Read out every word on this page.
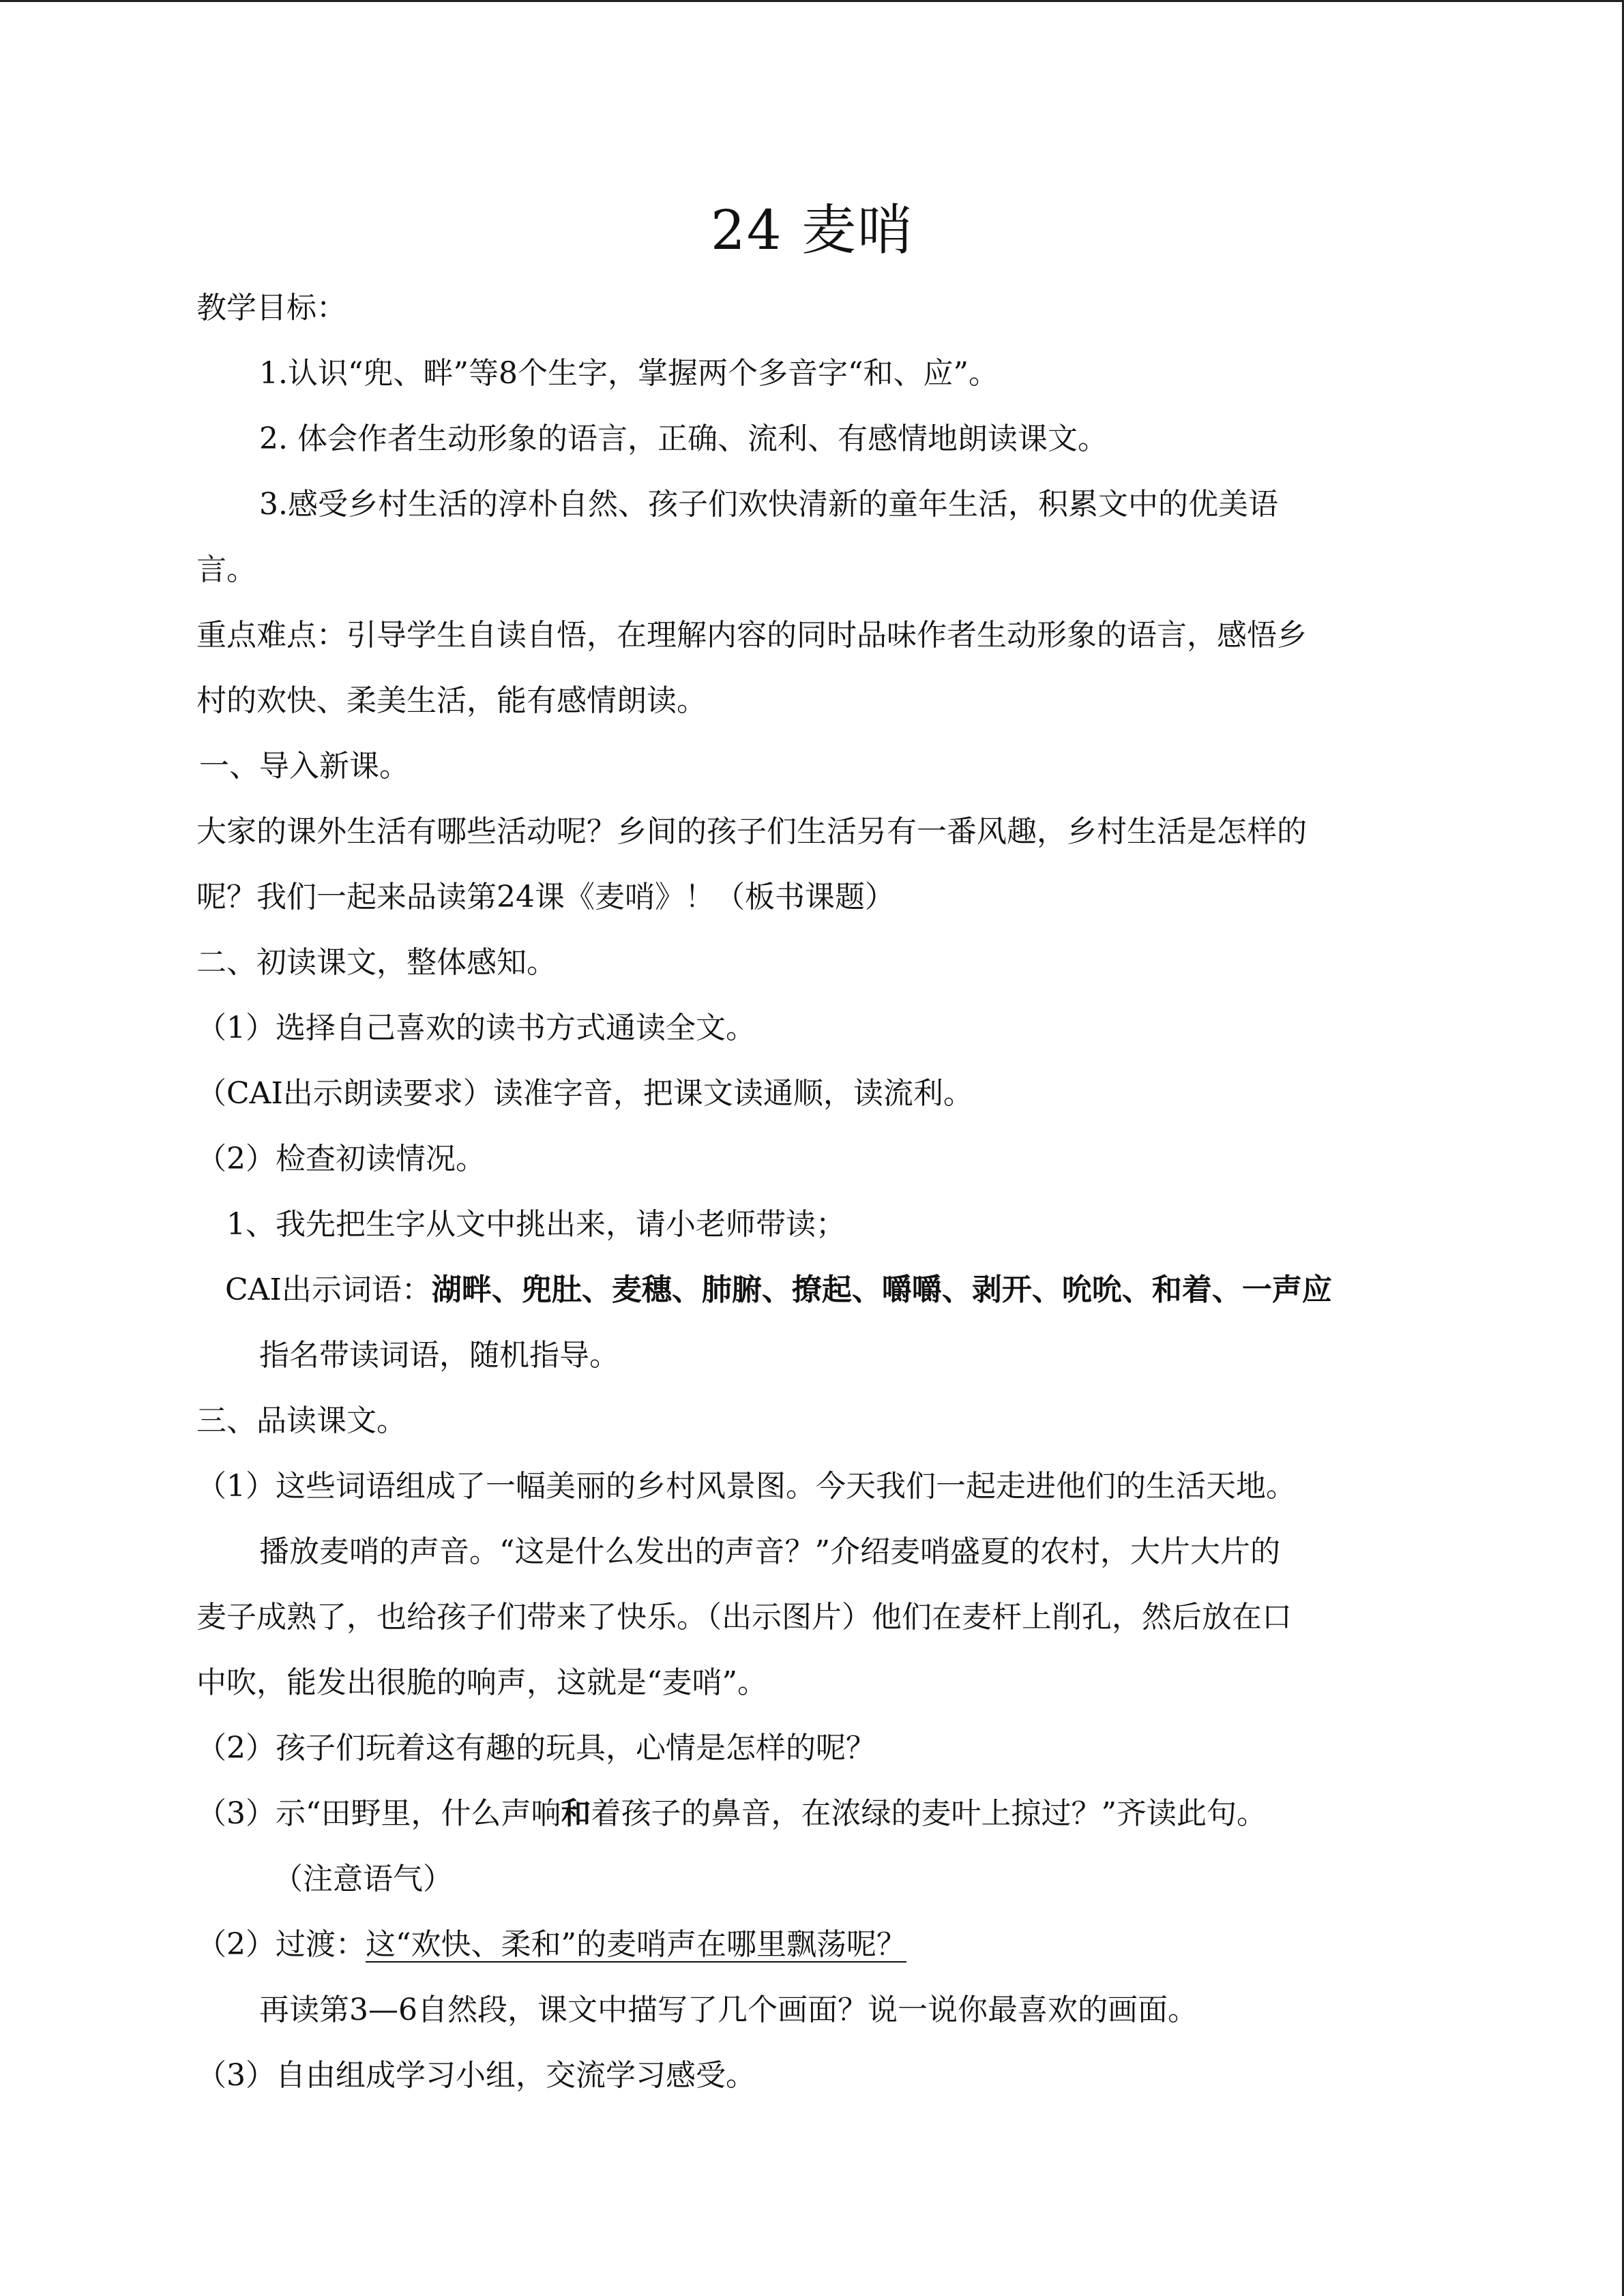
24 麦哨
教学目标：
1.认识“兜、畔”等8个生字，掌握两个多音字“和、应”。
2. 体会作者生动形象的语言，正确、流利、有感情地朗读课文。
3.感受乡村生活的淳朴自然、孩子们欢快清新的童年生活，积累文中的优美语
言。
重点难点：引导学生自读自悟，在理解内容的同时品味作者生动形象的语言，感悟乡
村的欢快、柔美生活，能有感情朗读。
一、导入新课。
大家的课外生活有哪些活动呢？乡间的孩子们生活另有一番风趣，乡村生活是怎样的
呢？我们一起来品读第24课《麦哨》！（板书课题）
二、初读课文，整体感知。
（1）选择自己喜欢的读书方式通读全文。
（CAI出示朗读要求）读准字音，把课文读通顺，读流利。
（2）检查初读情况。
1、我先把生字从文中挑出来，请小老师带读；
CAI出示词语：湖畔、兜肚、麦穗、肺腑、撩起、嚼嚼、剥开、吮吮、和着、一声应
指名带读词语，随机指导。
三、品读课文。
（1）这些词语组成了一幅美丽的乡村风景图。今天我们一起走进他们的生活天地。
播放麦哨的声音。“这是什么发出的声音？”介绍麦哨盛夏的农村，大片大片的
麦子成熟了，也给孩子们带来了快乐。（出示图片）他们在麦杆上削孔，然后放在口
中吹，能发出很脆的响声，这就是“麦哨”。
（2）孩子们玩着这有趣的玩具，心情是怎样的呢？
（3）示“田野里，什么声响和着孩子的鼻音，在浓绿的麦叶上掠过？”齐读此句。
（注意语气）
（2）过渡：这“欢快、柔和”的麦哨声在哪里飘荡呢？
再读第3—6自然段，课文中描写了几个画面？说一说你最喜欢的画面。
（3）自由组成学习小组，交流学习感受。
